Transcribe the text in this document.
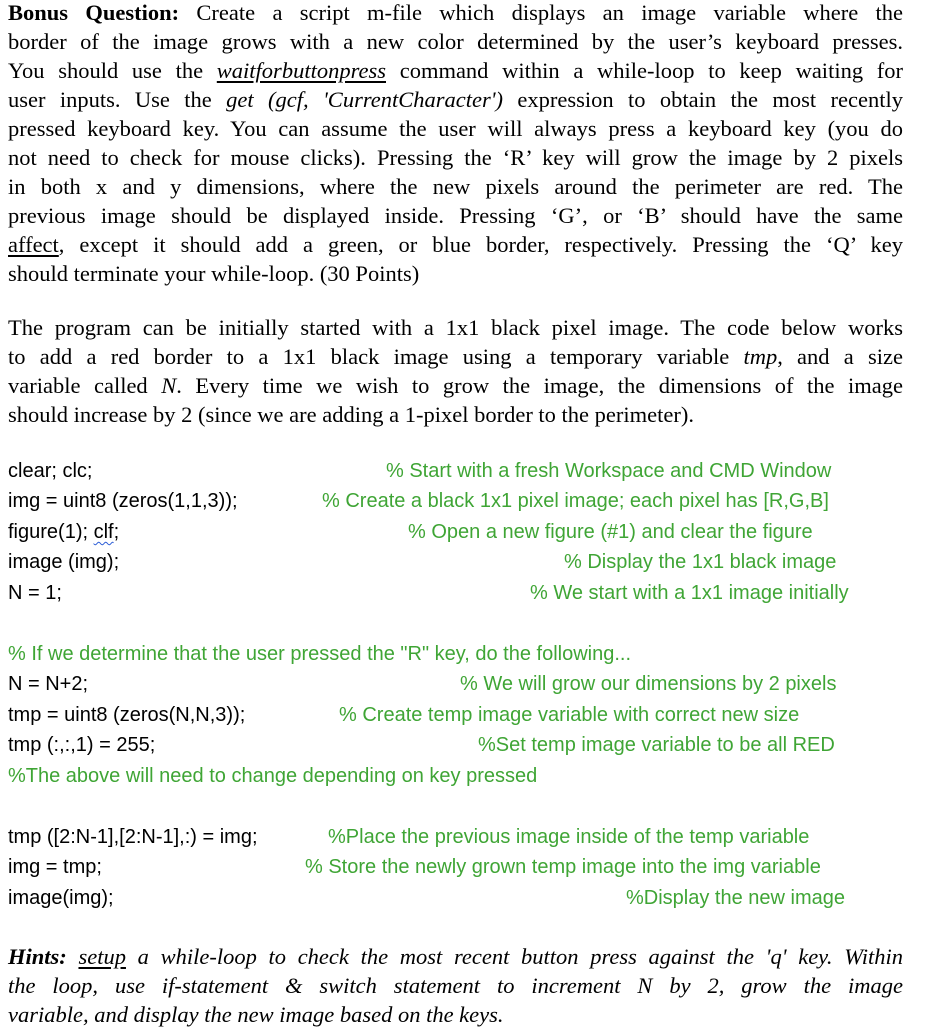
Bonus Question: Create a script m-file which displays an image variable where the
border of the image grows with a new color determined by the user’s keyboard presses.
You should use the waitforbuttonpress command within a while-loop to keep waiting for
user inputs. Use the get (gcf, 'CurrentCharacter') expression to obtain the most recently
pressed keyboard key. You can assume the user will always press a keyboard key (you do
not need to check for mouse clicks). Pressing the ‘R’ key will grow the image by 2 pixels
in both x and y dimensions, where the new pixels around the perimeter are red. The
previous image should be displayed inside. Pressing ‘G’, or ‘B’ should have the same
affect, except it should add a green, or blue border, respectively. Pressing the ‘Q’ key
should terminate your while-loop. (30 Points)
The program can be initially started with a 1x1 black pixel image. The code below works
to add a red border to a 1x1 black image using a temporary variable tmp, and a size
variable called N. Every time we wish to grow the image, the dimensions of the image
should increase by 2 (since we are adding a 1-pixel border to the perimeter).
clear; clc;	% Start with a fresh Workspace and CMD Window
img = uint8 (zeros(1,1,3));	% Create a black 1x1 pixel image; each pixel has [R,G,B]
figure(1); clf;	% Open a new figure (#1) and clear the figure
image (img);	% Display the 1x1 black image
N = 1;	% We start with a 1x1 image initially
% If we determine that the user pressed the "R" key, do the following...
N = N+2;	% We will grow our dimensions by 2 pixels
tmp = uint8 (zeros(N,N,3));	% Create temp image variable with correct new size
tmp (:,:,1) = 255;	%Set temp image variable to be all RED
%The above will need to change depending on key pressed
tmp ([2:N-1],[2:N-1],:) = img;	%Place the previous image inside of the temp variable
img = tmp;	% Store the newly grown temp image into the img variable
image(img);	%Display the new image
Hints: setup a while-loop to check the most recent button press against the 'q' key. Within
the loop, use if-statement & switch statement to increment N by 2, grow the image
variable, and display the new image based on the keys.
